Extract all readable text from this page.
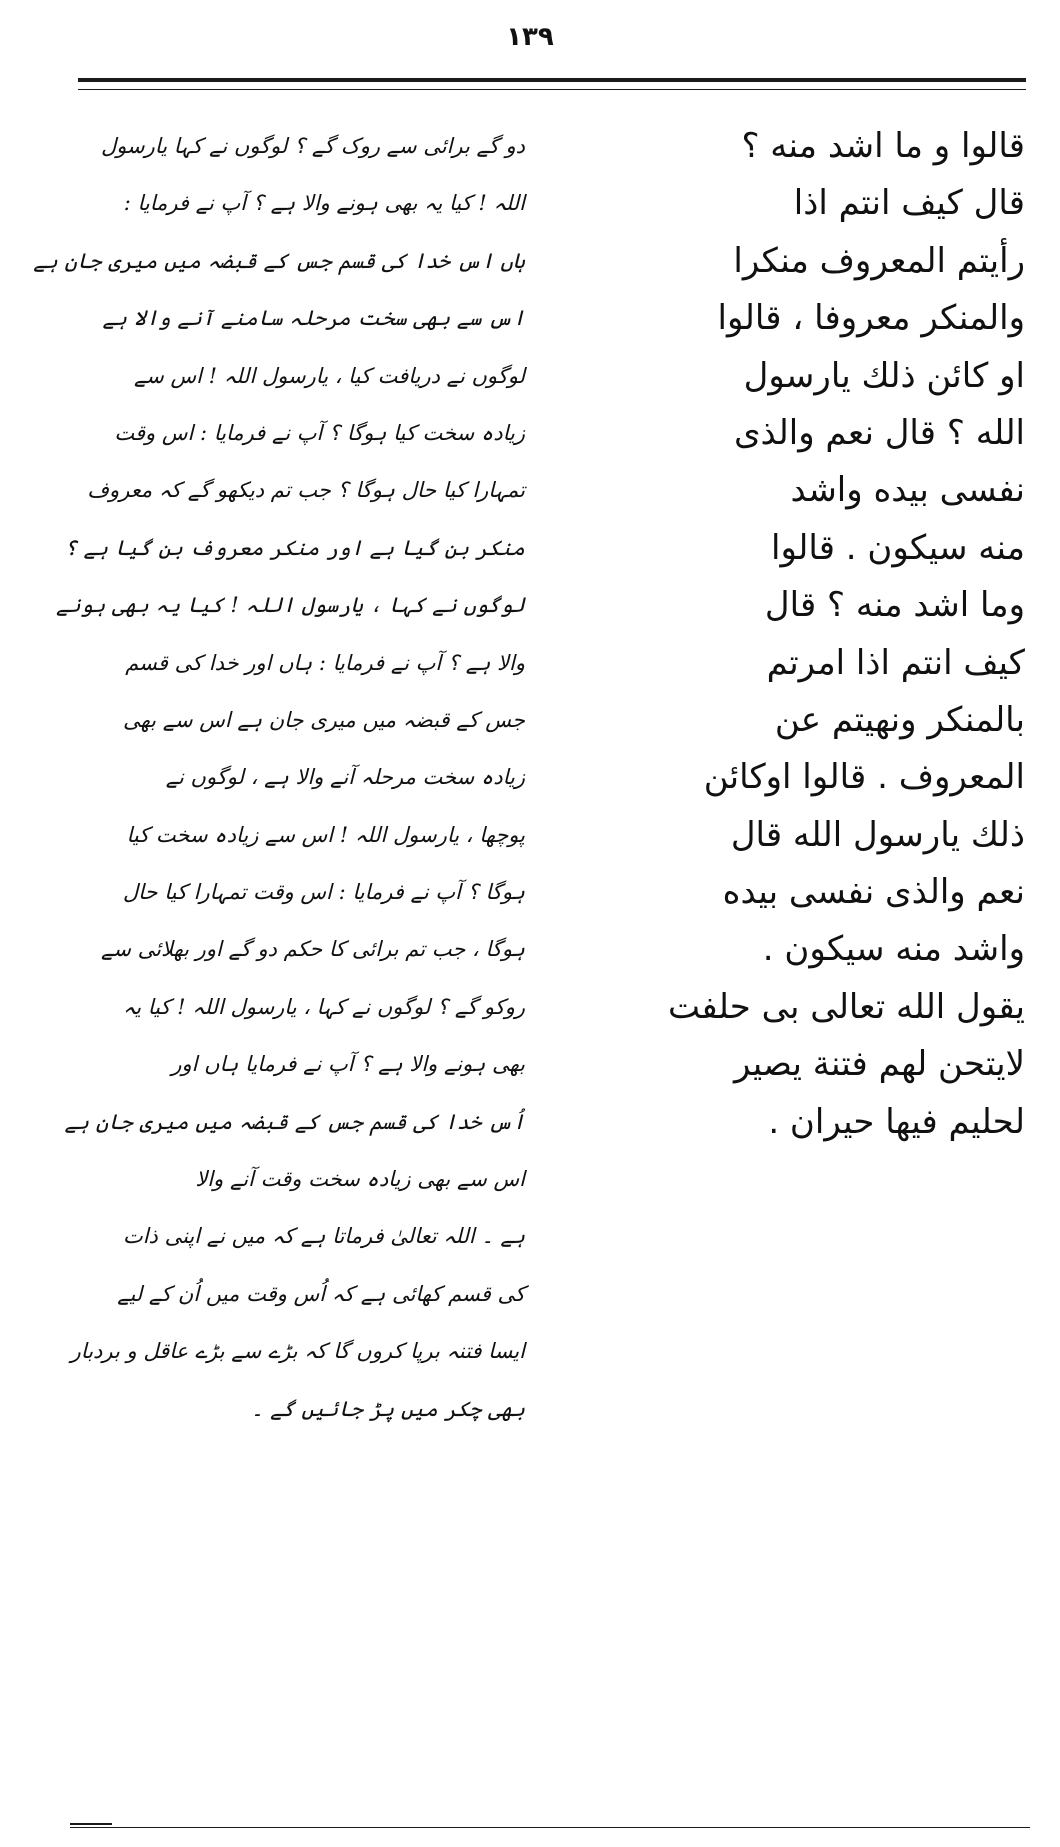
۱۳۹
قالوا و ما اشد منه ؟
قال كيف انتم اذا
رأيتم المعروف منكرا
والمنكر معروفا ، قالوا
او كائن ذلك يارسول
الله ؟ قال نعم والذى
نفسى بيده واشد
منه سيكون . قالوا
وما اشد منه ؟ قال
كيف انتم اذا امرتم
بالمنكر ونهيتم عن
المعروف . قالوا اوكائن
ذلك يارسول الله قال
نعم والذى نفسى بيده
واشد منه سيكون .
يقول الله تعالى بى حلفت
لايتحن لهم فتنة يصير
لحليم فيها حيران .
دو گے برائی سے روک گے ؟ لوگوں نے کہا یارسول
اللہ ! کیا یہ بھی ہونے والا ہے ؟ آپ نے فرمایا :
ہاں اس خدا کی قسم جس کے قبضہ میں میری جان ہے
اس سے بھی سخت مرحلہ سامنے آنے والا ہے
لوگوں نے دریافت کیا ، یارسول اللہ ! اس سے
زیادہ سخت کیا ہوگا ؟ آپ نے فرمایا : اس وقت
تمہارا کیا حال ہوگا ؟ جب تم دیکھو گے کہ معروف
منکر بن گیا ہے اور منکر معروف بن گیا ہے ؟
لوگوں نے کہا ، یارسول اللہ ! کیا یہ بھی ہونے
والا ہے ؟ آپ نے فرمایا : ہاں اور خدا کی قسم
جس کے قبضہ میں میری جان ہے اس سے بھی
زیادہ سخت مرحلہ آنے والا ہے ، لوگوں نے
پوچھا ، یارسول اللہ ! اس سے زیادہ سخت کیا
ہوگا ؟ آپ نے فرمایا : اس وقت تمہارا کیا حال
ہوگا ، جب تم برائی کا حکم دو گے اور بھلائی سے
روکو گے ؟ لوگوں نے کہا ، یارسول اللہ ! کیا یہ
بھی ہونے والا ہے ؟ آپ نے فرمایا ہاں اور
اُس خدا کی قسم جس کے قبضہ میں میری جان ہے
اس سے بھی زیادہ سخت وقت آنے والا
ہے ۔ اللہ تعالیٰ فرماتا ہے کہ میں نے اپنی ذات
کی قسم کھائی ہے کہ اُس وقت میں اُن کے لیے
ایسا فتنہ برپا کروں گا کہ بڑے سے بڑے عاقل و بردبار
بھی چکر میں پڑ جائیں گے ۔
